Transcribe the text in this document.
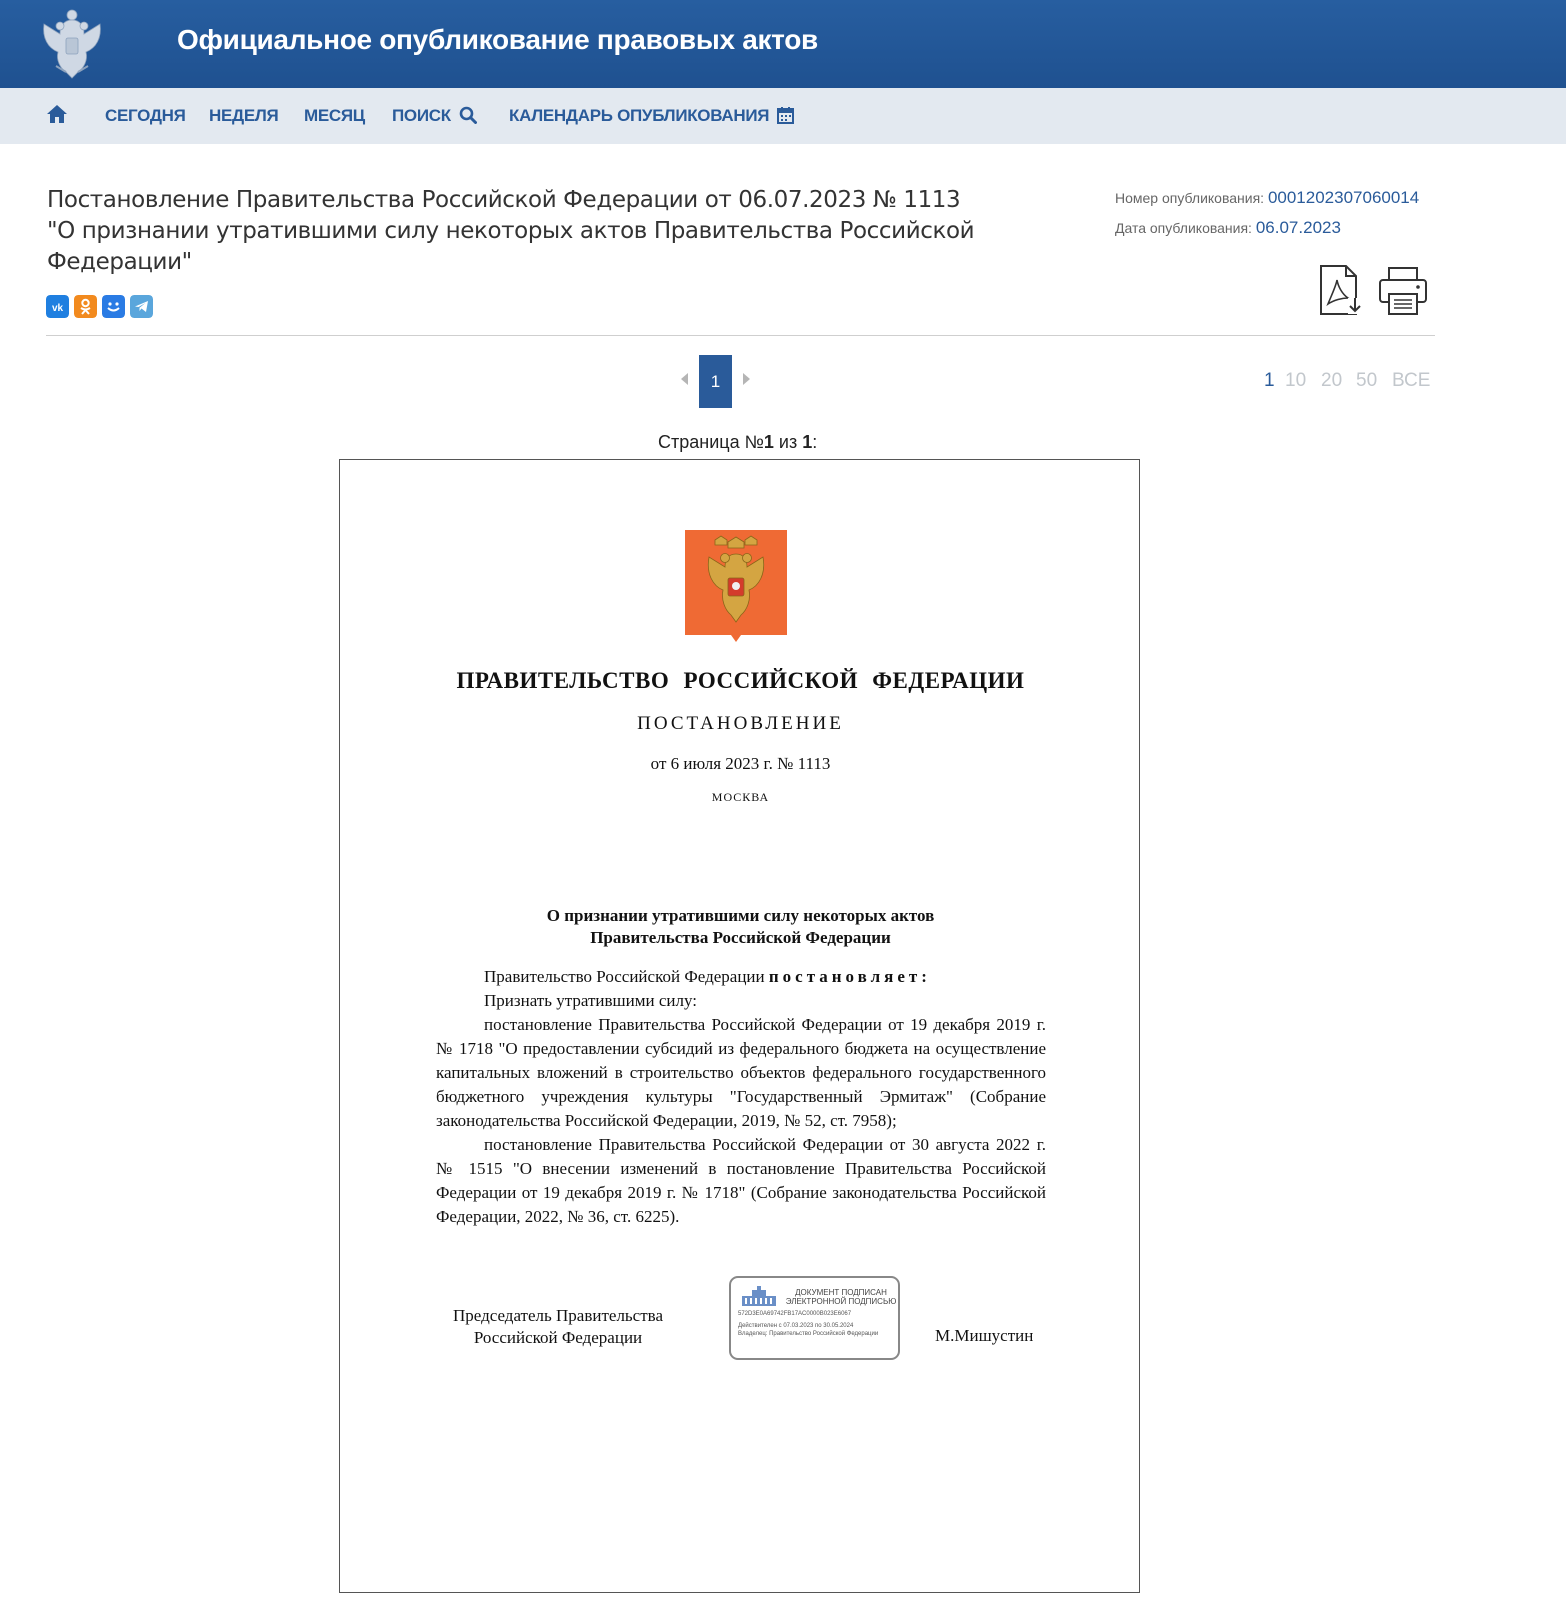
Официальное опубликование правовых актов
СЕГОДНЯ НЕДЕЛЯ МЕСЯЦ ПОИСК	КАЛЕНДАРЬ ОПУБЛИКОВАНИЯ
Постановление Правительства Российской Федерации от 06.07.2023 № 1113
"О признании утратившими силу некоторых актов Правительства Российской Федерации"
Номер опубликования: 0001202307060014
Дата опубликования: 06.07.2023
vk
1	1 10 20 50 ВСЕ
Страница №1 из 1:
ПРАВИТЕЛЬСТВО РОССИЙСКОЙ ФЕДЕРАЦИИ
ПОСТАНОВЛЕНИЕ
от 6 июля 2023 г. № 1113
МОСКВА
О признании утратившими силу некоторых актов
Правительства Российской Федерации

Правительство Российской Федерации постановляет:

Признать утратившими силу:

постановление Правительства Российской Федерации от 19 декабря 2019 г. № 1718 "О предоставлении субсидий из федерального бюджета на осуществление капитальных вложений в строительство объектов федерального государственного бюджетного учреждения культуры "Государственный Эрмитаж" (Собрание законодательства Российской Федерации, 2019, № 52, ст. 7958);

постановление Правительства Российской Федерации от 30 августа 2022 г. № 1515 "О внесении изменений в постановление Правительства Российской Федерации от 19 декабря 2019 г. № 1718" (Собрание законодательства Российской Федерации, 2022, № 36, ст. 6225).

Председатель Правительства
Российской Федерации
ДОКУМЕНТ ПОДПИСАН
ЭЛЕКТРОННОЙ ПОДПИСЬЮ
572D3E0A69742FB17AC0000B023E6067
Действителен с 07.03.2023 по 30.05.2024
Владелец: Правительство Российской Федерации	М.Мишустин
